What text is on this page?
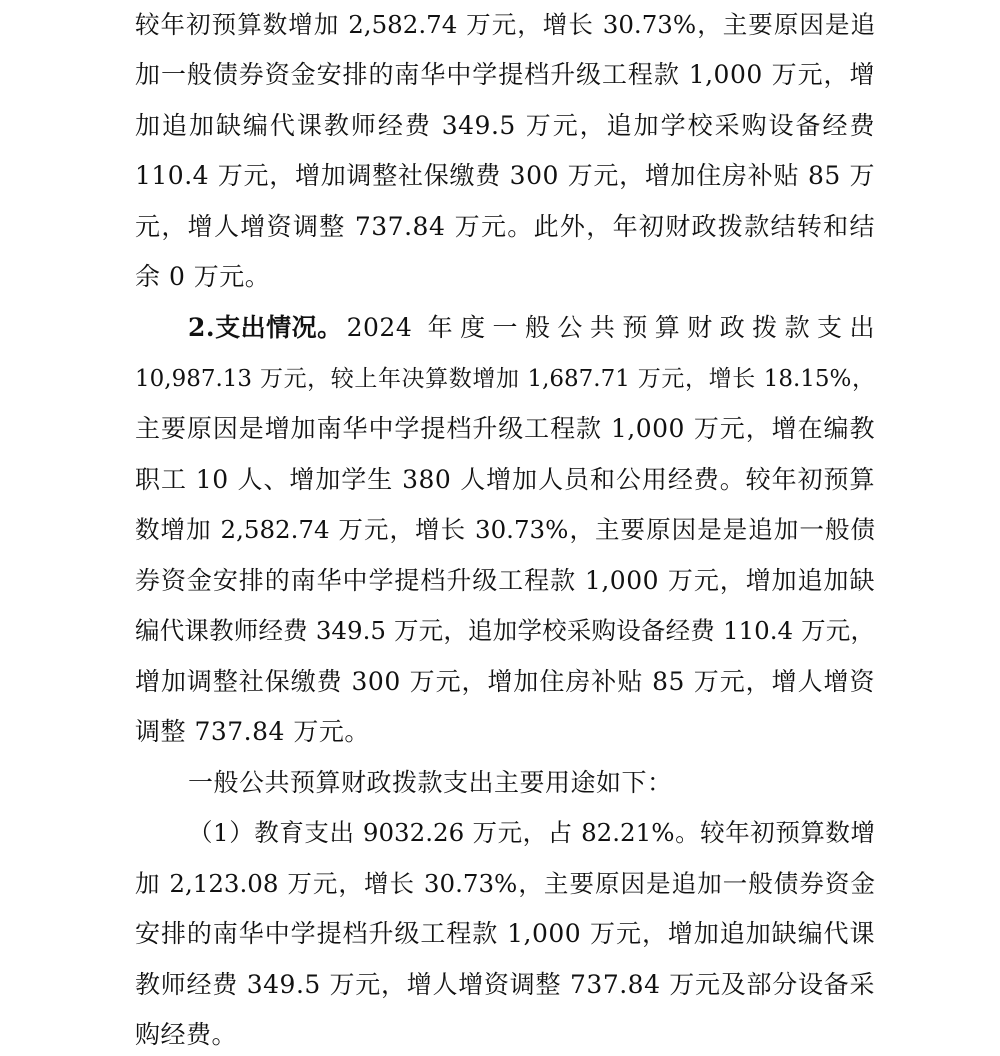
较年初预算数增加 2,582.74 万元，增长 30.73%，主要原因是追
加一般债券资金安排的南华中学提档升级工程款 1,000 万元，增
加追加缺编代课教师经费 349.5 万元，追加学校采购设备经费
110.4 万元，增加调整社保缴费 300 万元，增加住房补贴 85 万
元，增人增资调整 737.84 万元。此外，年初财政拨款结转和结
余 0 万元。
2.支出情况。 2024 年度一般公共预算财政拨款支出
10,987.13 万元，较上年决算数增加 1,687.71 万元，增长 18.15%，
主要原因是增加南华中学提档升级工程款 1,000 万元，增在编教
职工 10 人、增加学生 380 人增加人员和公用经费。较年初预算
数增加 2,582.74 万元，增长 30.73%，主要原因是是追加一般债
券资金安排的南华中学提档升级工程款 1,000 万元，增加追加缺
编代课教师经费 349.5 万元，追加学校采购设备经费 110.4 万元，
增加调整社保缴费 300 万元，增加住房补贴 85 万元，增人增资
调整 737.84 万元。
一般公共预算财政拨款支出主要用途如下：
（1）教育支出 9032.26 万元，占 82.21%。较年初预算数增
加 2,123.08 万元，增长 30.73%，主要原因是追加一般债券资金
安排的南华中学提档升级工程款 1,000 万元，增加追加缺编代课
教师经费 349.5 万元，增人增资调整 737.84 万元及部分设备采
购经费。
